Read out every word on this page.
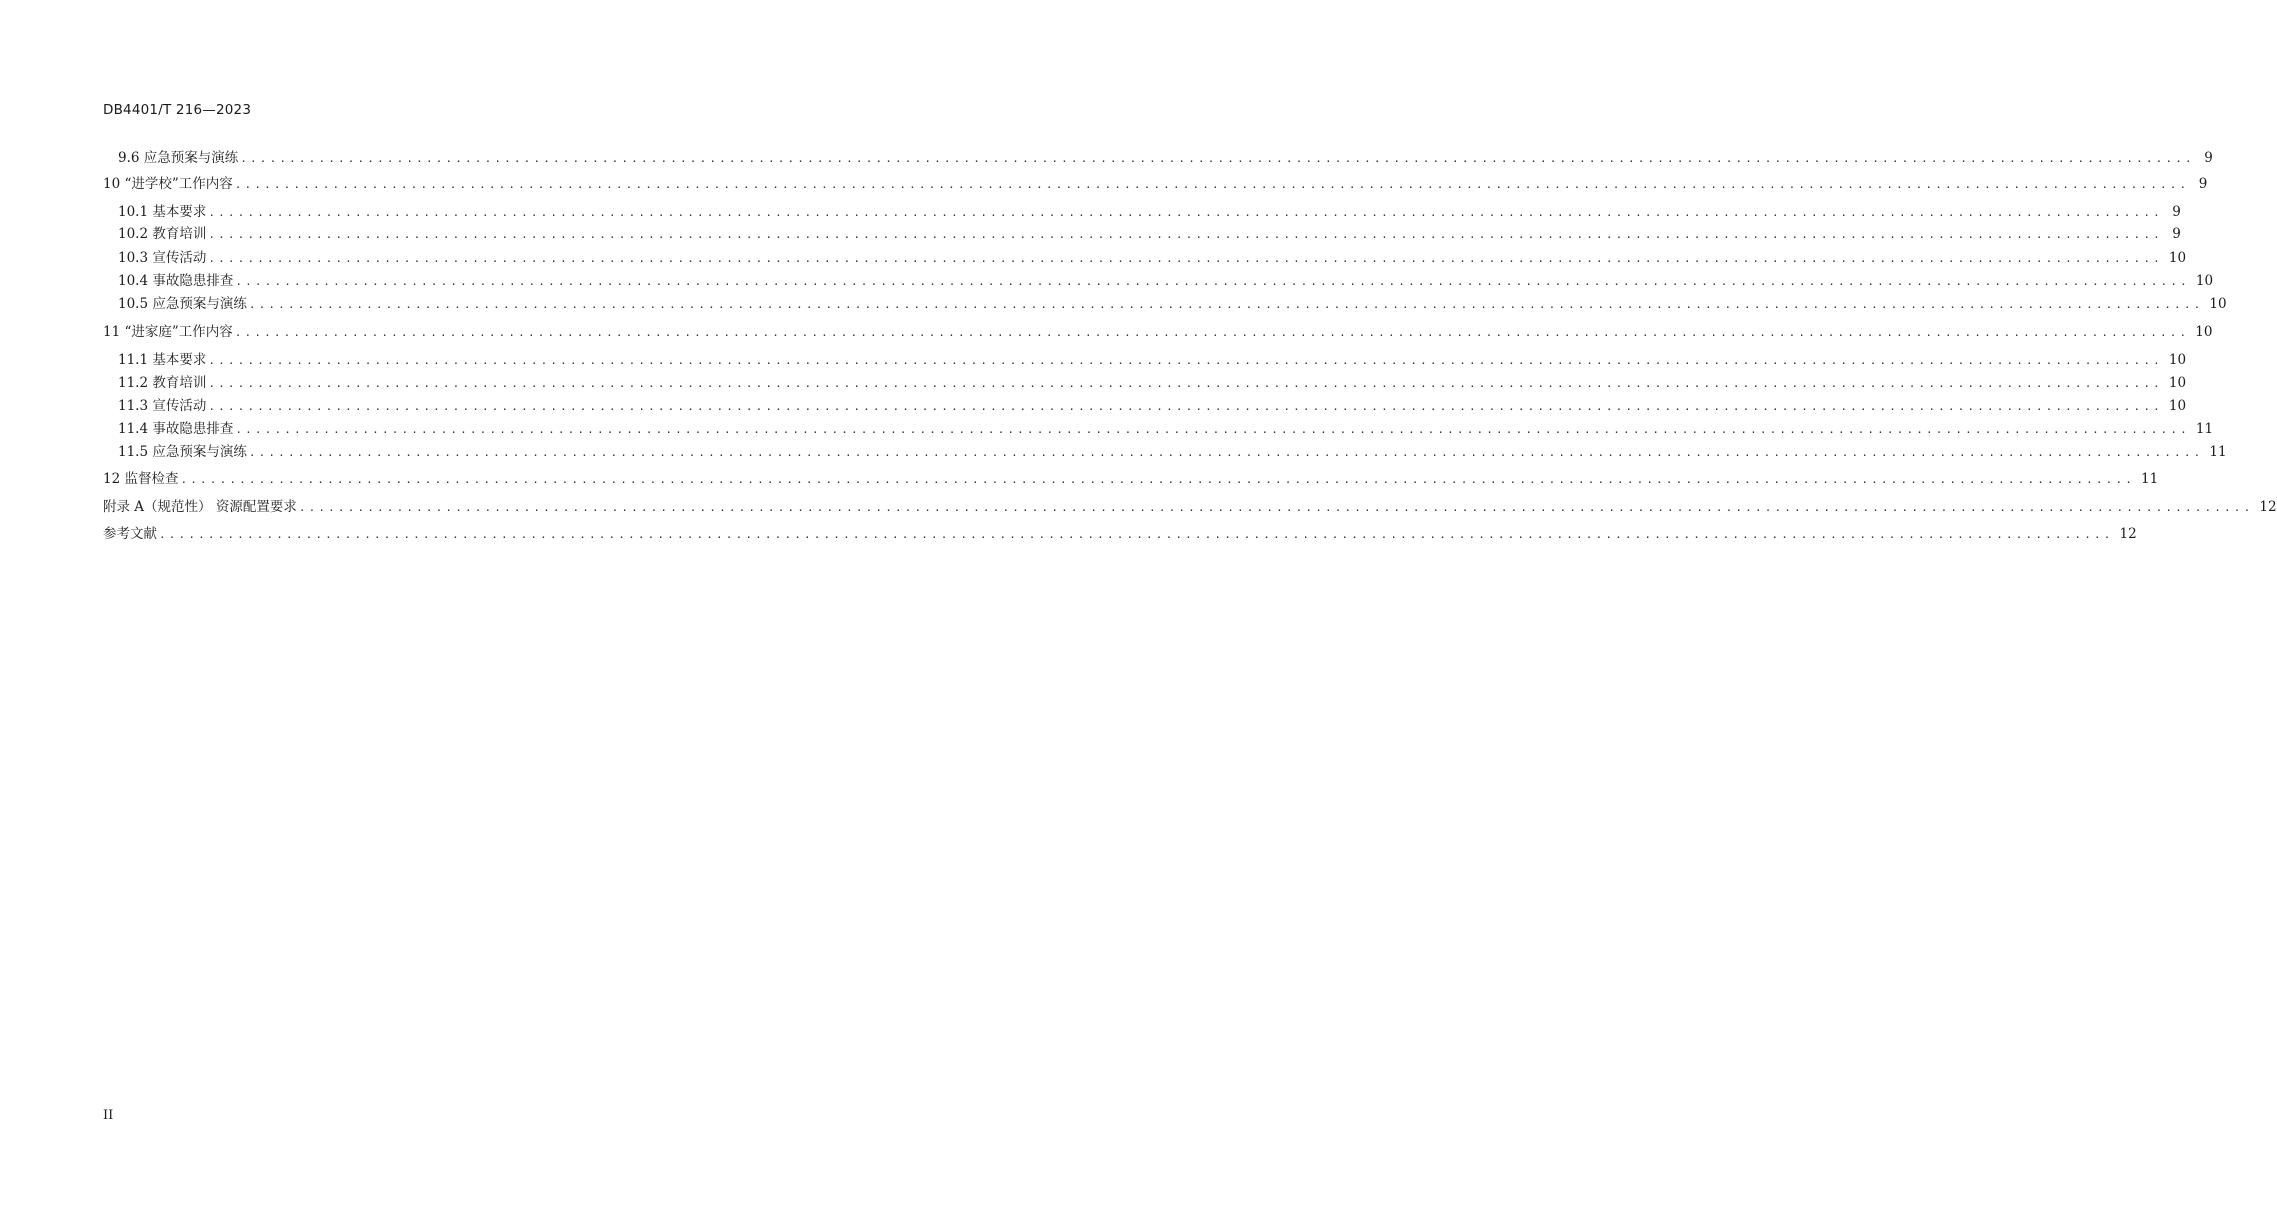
DB4401/T 216—2023
9.6 应急预案与演练 ........................................................................................................................................................................................................ 9
10 “进学校”工作内容 ........................................................................................................................................................................................................ 9
10.1 基本要求 ........................................................................................................................................................................................................ 9
10.2 教育培训 ........................................................................................................................................................................................................ 9
10.3 宣传活动 ........................................................................................................................................................................................................ 10
10.4 事故隐患排查 ........................................................................................................................................................................................................ 10
10.5 应急预案与演练 ........................................................................................................................................................................................................ 10
11 “进家庭”工作内容 ........................................................................................................................................................................................................ 10
11.1 基本要求 ........................................................................................................................................................................................................ 10
11.2 教育培训 ........................................................................................................................................................................................................ 10
11.3 宣传活动 ........................................................................................................................................................................................................ 10
11.4 事故隐患排查 ........................................................................................................................................................................................................ 11
11.5 应急预案与演练 ........................................................................................................................................................................................................ 11
12 监督检查 ........................................................................................................................................................................................................ 11
附录 A（规范性） 资源配置要求 ........................................................................................................................................................................................................ 12
参考文献 ........................................................................................................................................................................................................ 12
II
